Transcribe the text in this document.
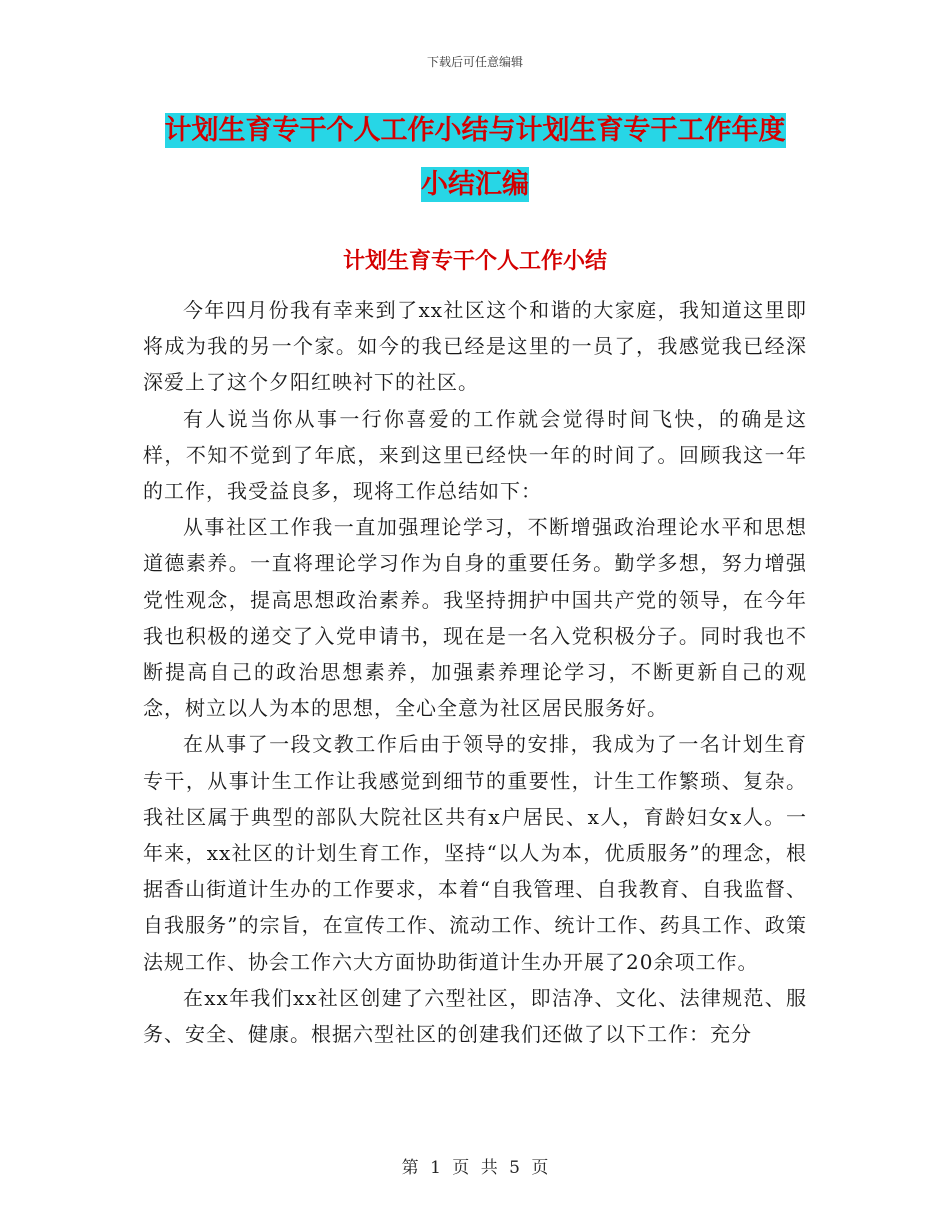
下载后可任意编辑
计划生育专干个人工作小结与计划生育专干工作年度
小结汇编
计划生育专干个人工作小结

今年四月份我有幸来到了xx社区这个和谐的大家庭，我知道这里即将成为我的另一个家。如今的我已经是这里的一员了，我感觉我已经深深爱上了这个夕阳红映衬下的社区。

有人说当你从事一行你喜爱的工作就会觉得时间飞快，的确是这样，不知不觉到了年底，来到这里已经快一年的时间了。回顾我这一年的工作，我受益良多，现将工作总结如下：

从事社区工作我一直加强理论学习，不断增强政治理论水平和思想道德素养。一直将理论学习作为自身的重要任务。勤学多想，努力增强党性观念，提高思想政治素养。我坚持拥护中国共产党的领导，在今年我也积极的递交了入党申请书，现在是一名入党积极分子。同时我也不断提高自己的政治思想素养，加强素养理论学习，不断更新自己的观念，树立以人为本的思想，全心全意为社区居民服务好。

在从事了一段文教工作后由于领导的安排，我成为了一名计划生育专干，从事计生工作让我感觉到细节的重要性，计生工作繁琐、复杂。我社区属于典型的部队大院社区共有x户居民、x人，育龄妇女x人。一年来，xx社区的计划生育工作，坚持“以人为本，优质服务”的理念，根据香山街道计生办的工作要求，本着“自我管理、自我教育、自我监督、自我服务”的宗旨，在宣传工作、流动工作、统计工作、药具工作、政策法规工作、协会工作六大方面协助街道计生办开展了20余项工作。

在xx年我们xx社区创建了六型社区，即洁净、文化、法律规范、服务、安全、健康。根据六型社区的创建我们还做了以下工作：充分

第 1 页 共 5 页
